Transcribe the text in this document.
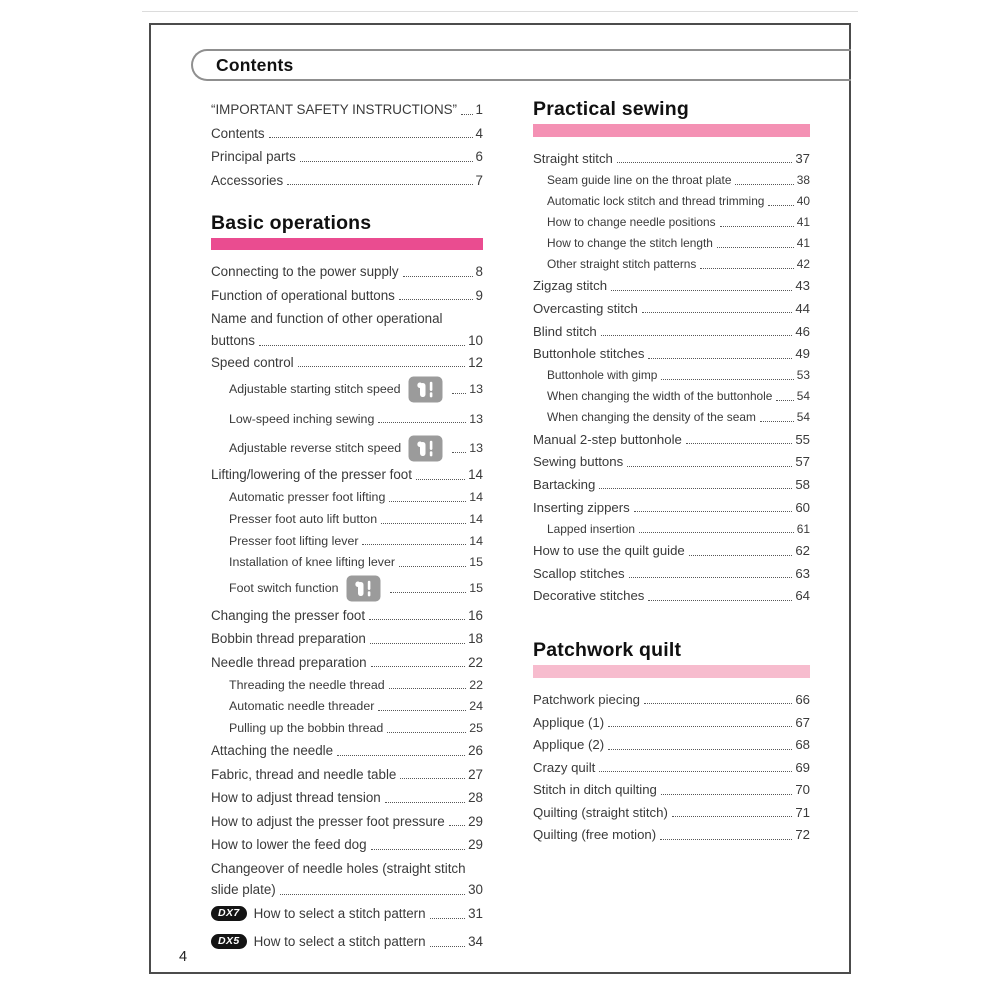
Contents
“IMPORTANT SAFETY INSTRUCTIONS” 1
Contents	4
Principal parts	6
Accessories	7
Basic operations
Connecting to the power supply	8
Function of operational buttons	9
Name and function of other operational
buttons	10
Speed control	12
Adjustable starting stitch speed	13
Low-speed inching sewing	13
Adjustable reverse stitch speed	13
Lifting/lowering of the presser foot	14
Automatic presser foot lifting	14
Presser foot auto lift button	14
Presser foot lifting lever	14
Installation of knee lifting lever	15
Foot switch function	15
Changing the presser foot	16
Bobbin thread preparation	18
Needle thread preparation	22
Threading the needle thread	22
Automatic needle threader	24
Pulling up the bobbin thread	25
Attaching the needle	26
Fabric, thread and needle table	27
How to adjust thread tension	28
How to adjust the presser foot pressure 29
How to lower the feed dog	29
Changeover of needle holes (straight stitch
slide plate)	30
DX7	How to select a stitch pattern	31
DX5	How to select a stitch pattern	34
Practical sewing
Straight stitch	37
Seam guide line on the throat plate	38
Automatic lock stitch and thread trimming	40
How to change needle positions	41
How to change the stitch length	41
Other straight stitch patterns	42
Zigzag stitch	43
Overcasting stitch	44
Blind stitch	46
Buttonhole stitches	49
Buttonhole with gimp	53
When changing the width of the buttonhole 54
When changing the density of the seam	54
Manual 2-step buttonhole	55
Sewing buttons	57
Bartacking	58
Inserting zippers	60
Lapped insertion	61
How to use the quilt guide	62
Scallop stitches	63
Decorative stitches	64
Patchwork quilt
Patchwork piecing	66
Applique (1)	67
Applique (2)	68
Crazy quilt	69
Stitch in ditch quilting	70
Quilting (straight stitch)	71
Quilting (free motion)	72
4
